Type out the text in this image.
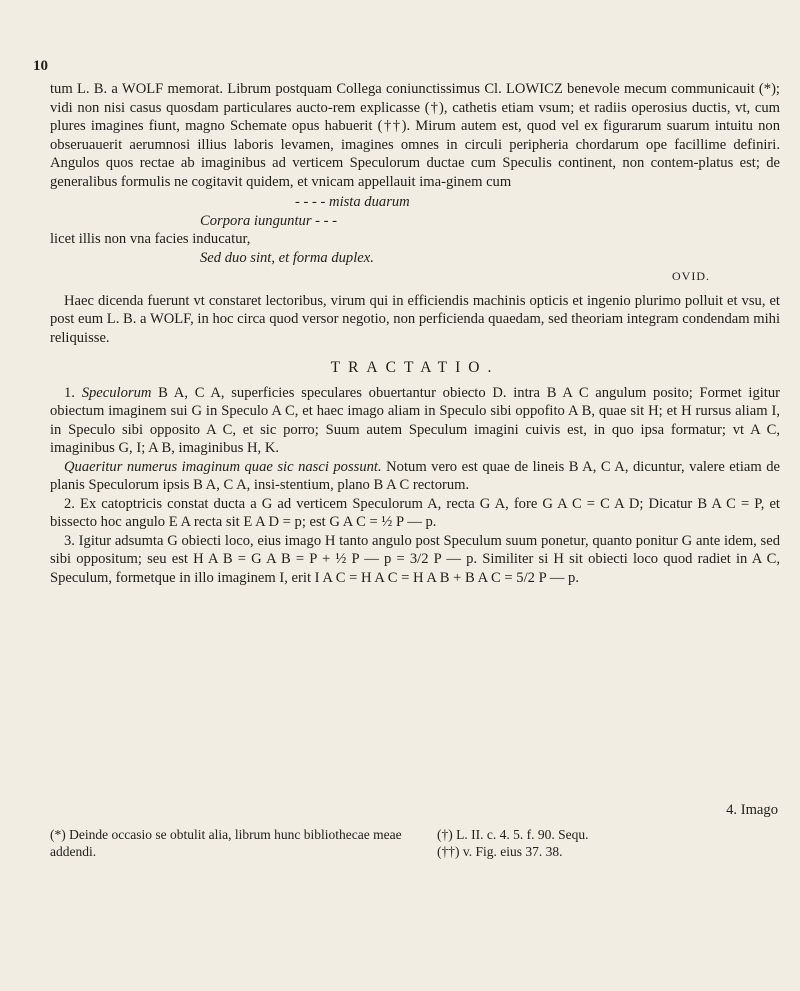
10

tum L. B. a WOLF memorat. Librum postquam Collega coniunctissimus Cl. LOWICZ benevole mecum communicauit (*); vidi non nisi casus quosdam particulares aucto-rem explicasse (†), cathetis etiam vsum; et radiis operosius ductis, vt, cum plures imagines fiunt, magno Schemate opus habuerit (††). Mirum autem est, quod vel ex figurarum suarum intuitu non obseruauerit aerumnosi illius laboris levamen, imagines omnes in circuli peripheria chordarum ope facillime definiri. Angulos quos rectae ab imaginibus ad verticem Speculorum ductae cum Speculis continent, non contem-platus est; de generalibus formulis ne cogitavit quidem, et vnicam appellauit ima-ginem cum

- - - - mista duarum
Corpora iunguntur - - -
licet illis non vna facies inducatur,
Sed duo sint, et forma duplex.
OVID.

Haec dicenda fuerunt vt constaret lectoribus, virum qui in efficiendis machinis opticis et ingenio plurimo polluit et vsu, et post eum L. B. a WOLF, in hoc circa quod versor negotio, non perficienda quaedam, sed theoriam integram condendam mihi reliquisse.

TRACTATIO.

1. Speculorum B A, C A, superficies speculares obuertantur obiecto D. intra B A C angulum posito; Formet igitur obiectum imaginem sui G in Speculo A C, et haec imago aliam in Speculo sibi oppofito A B, quae sit H; et H rursus aliam I, in Speculo sibi opposito A C, et sic porro; Suum autem Speculum imagini cuivis est, in quo ipsa formatur; vt A C, imaginibus G, I; A B, imaginibus H, K.

Quaeritur numerus imaginum quae sic nasci possunt. Notum vero est quae de lineis B A, C A, dicuntur, valere etiam de planis Speculorum ipsis B A, C A, insi-stentium, plano B A C rectorum.

2. Ex catoptricis constat ducta a G ad verticem Speculorum A, recta G A, fore G A C = C A D; Dicatur B A C = P, et bissecto hoc angulo E A recta sit E A D = p; est G A C = ½ P — p.

3. Igitur adsumta G obiecti loco, eius imago H tanto angulo post Speculum suum ponetur, quanto ponitur G ante idem, sed sibi oppositum; seu est H A B = G A B = P + ½ P — p = 3/2 P — p. Similiter si H sit obiecti loco quod radiet in A C, Speculum, formetque in illo imaginem I, erit I A C = H A C = H A B + B A C = 5/2 P — p.

4. Imago
(*) Deinde occasio se obtulit alia, librum hunc bibliothecae meae addendi.
(†) L. II. c. 4. 5. f. 90. Sequ.
(††) v. Fig. eius 37. 38.
